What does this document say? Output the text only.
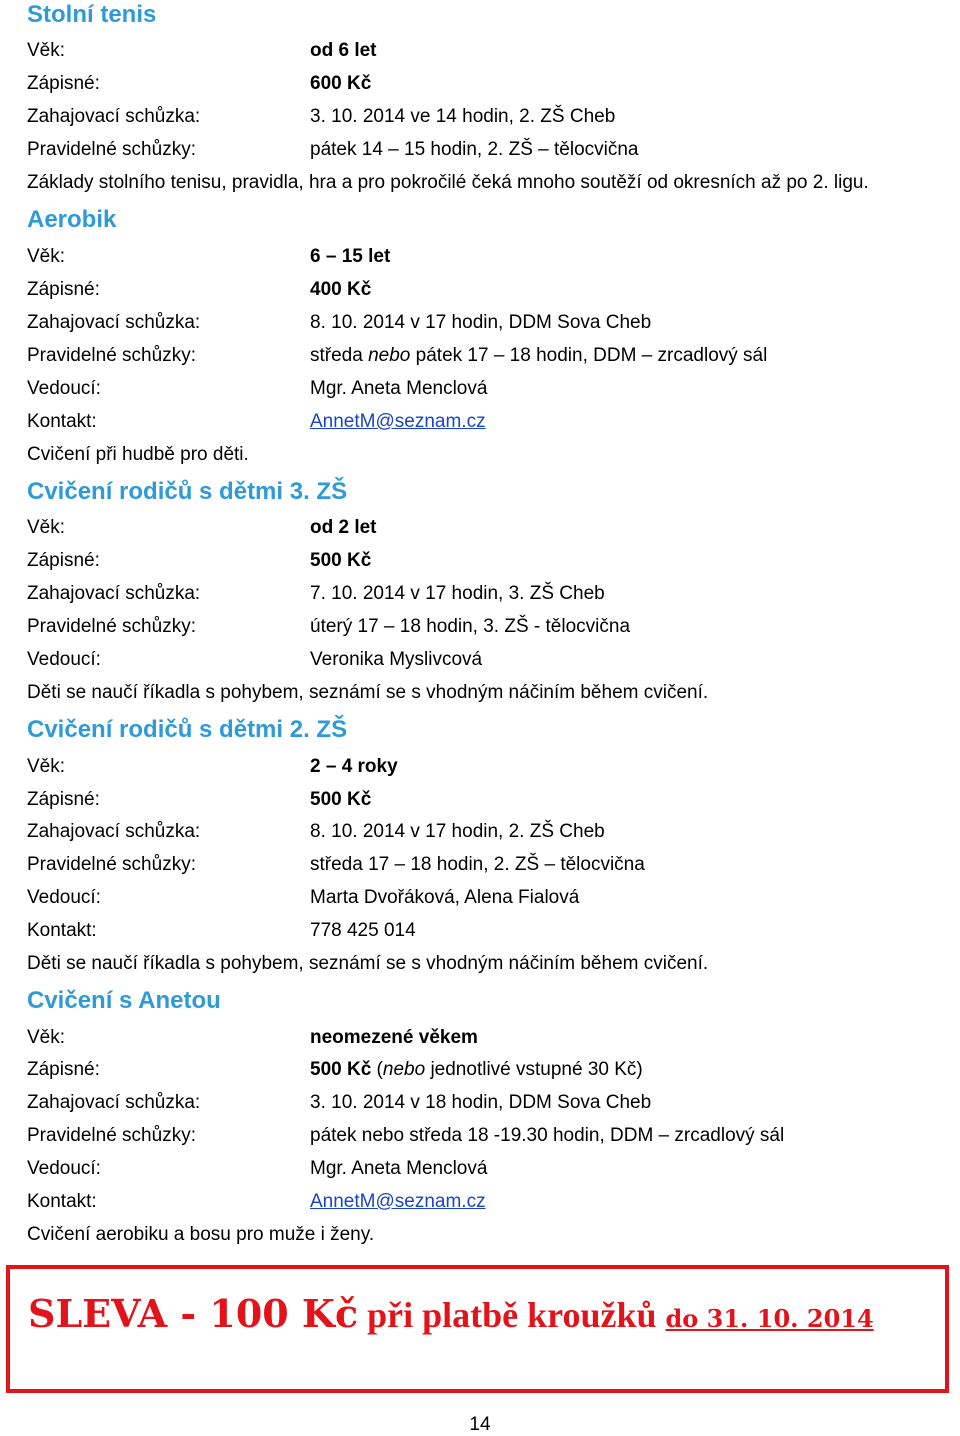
Stolní tenis
Věk:	od 6 let
Zápisné:	600 Kč
Zahajovací schůzka:	3. 10. 2014 ve 14 hodin, 2. ZŠ Cheb
Pravidelné schůzky:	pátek 14 – 15 hodin, 2. ZŠ – tělocvična
Základy stolního tenisu, pravidla, hra a pro pokročilé čeká mnoho soutěží od okresních až po 2. ligu.
Aerobik
Věk:	6 – 15 let
Zápisné:	400 Kč
Zahajovací schůzka:	8. 10. 2014 v 17 hodin, DDM Sova Cheb
Pravidelné schůzky:	středa nebo pátek 17 – 18 hodin, DDM – zrcadlový sál
Vedoucí:	Mgr. Aneta Menclová
Kontakt:	AnnetM@seznam.cz
Cvičení při hudbě pro děti.
Cvičení rodičů s dětmi 3. ZŠ
Věk:	od 2 let
Zápisné:	500 Kč
Zahajovací schůzka:	7. 10. 2014 v 17 hodin, 3. ZŠ Cheb
Pravidelné schůzky:	úterý 17 – 18 hodin, 3. ZŠ - tělocvična
Vedoucí:	Veronika Myslivcová
Děti se naučí říkadla s pohybem, seznámí se s vhodným náčiním během cvičení.
Cvičení rodičů s dětmi 2. ZŠ
Věk:	2 – 4 roky
Zápisné:	500 Kč
Zahajovací schůzka:	8. 10. 2014 v 17 hodin, 2. ZŠ Cheb
Pravidelné schůzky:	středa 17 – 18 hodin, 2. ZŠ – tělocvična
Vedoucí:	Marta Dvořáková, Alena Fialová
Kontakt:	778 425 014
Děti se naučí říkadla s pohybem, seznámí se s vhodným náčiním během cvičení.
Cvičení s Anetou
Věk:	neomezené věkem
Zápisné:	500 Kč (nebo jednotlivé vstupné 30 Kč)
Zahajovací schůzka:	3. 10. 2014 v 18 hodin, DDM Sova Cheb
Pravidelné schůzky:	pátek nebo středa 18 -19.30 hodin, DDM – zrcadlový sál
Vedoucí:	Mgr. Aneta Menclová
Kontakt:	AnnetM@seznam.cz
Cvičení aerobiku a bosu pro muže i ženy.
SLEVA - 100 Kč při platbě kroužků do 31. 10. 2014
14
